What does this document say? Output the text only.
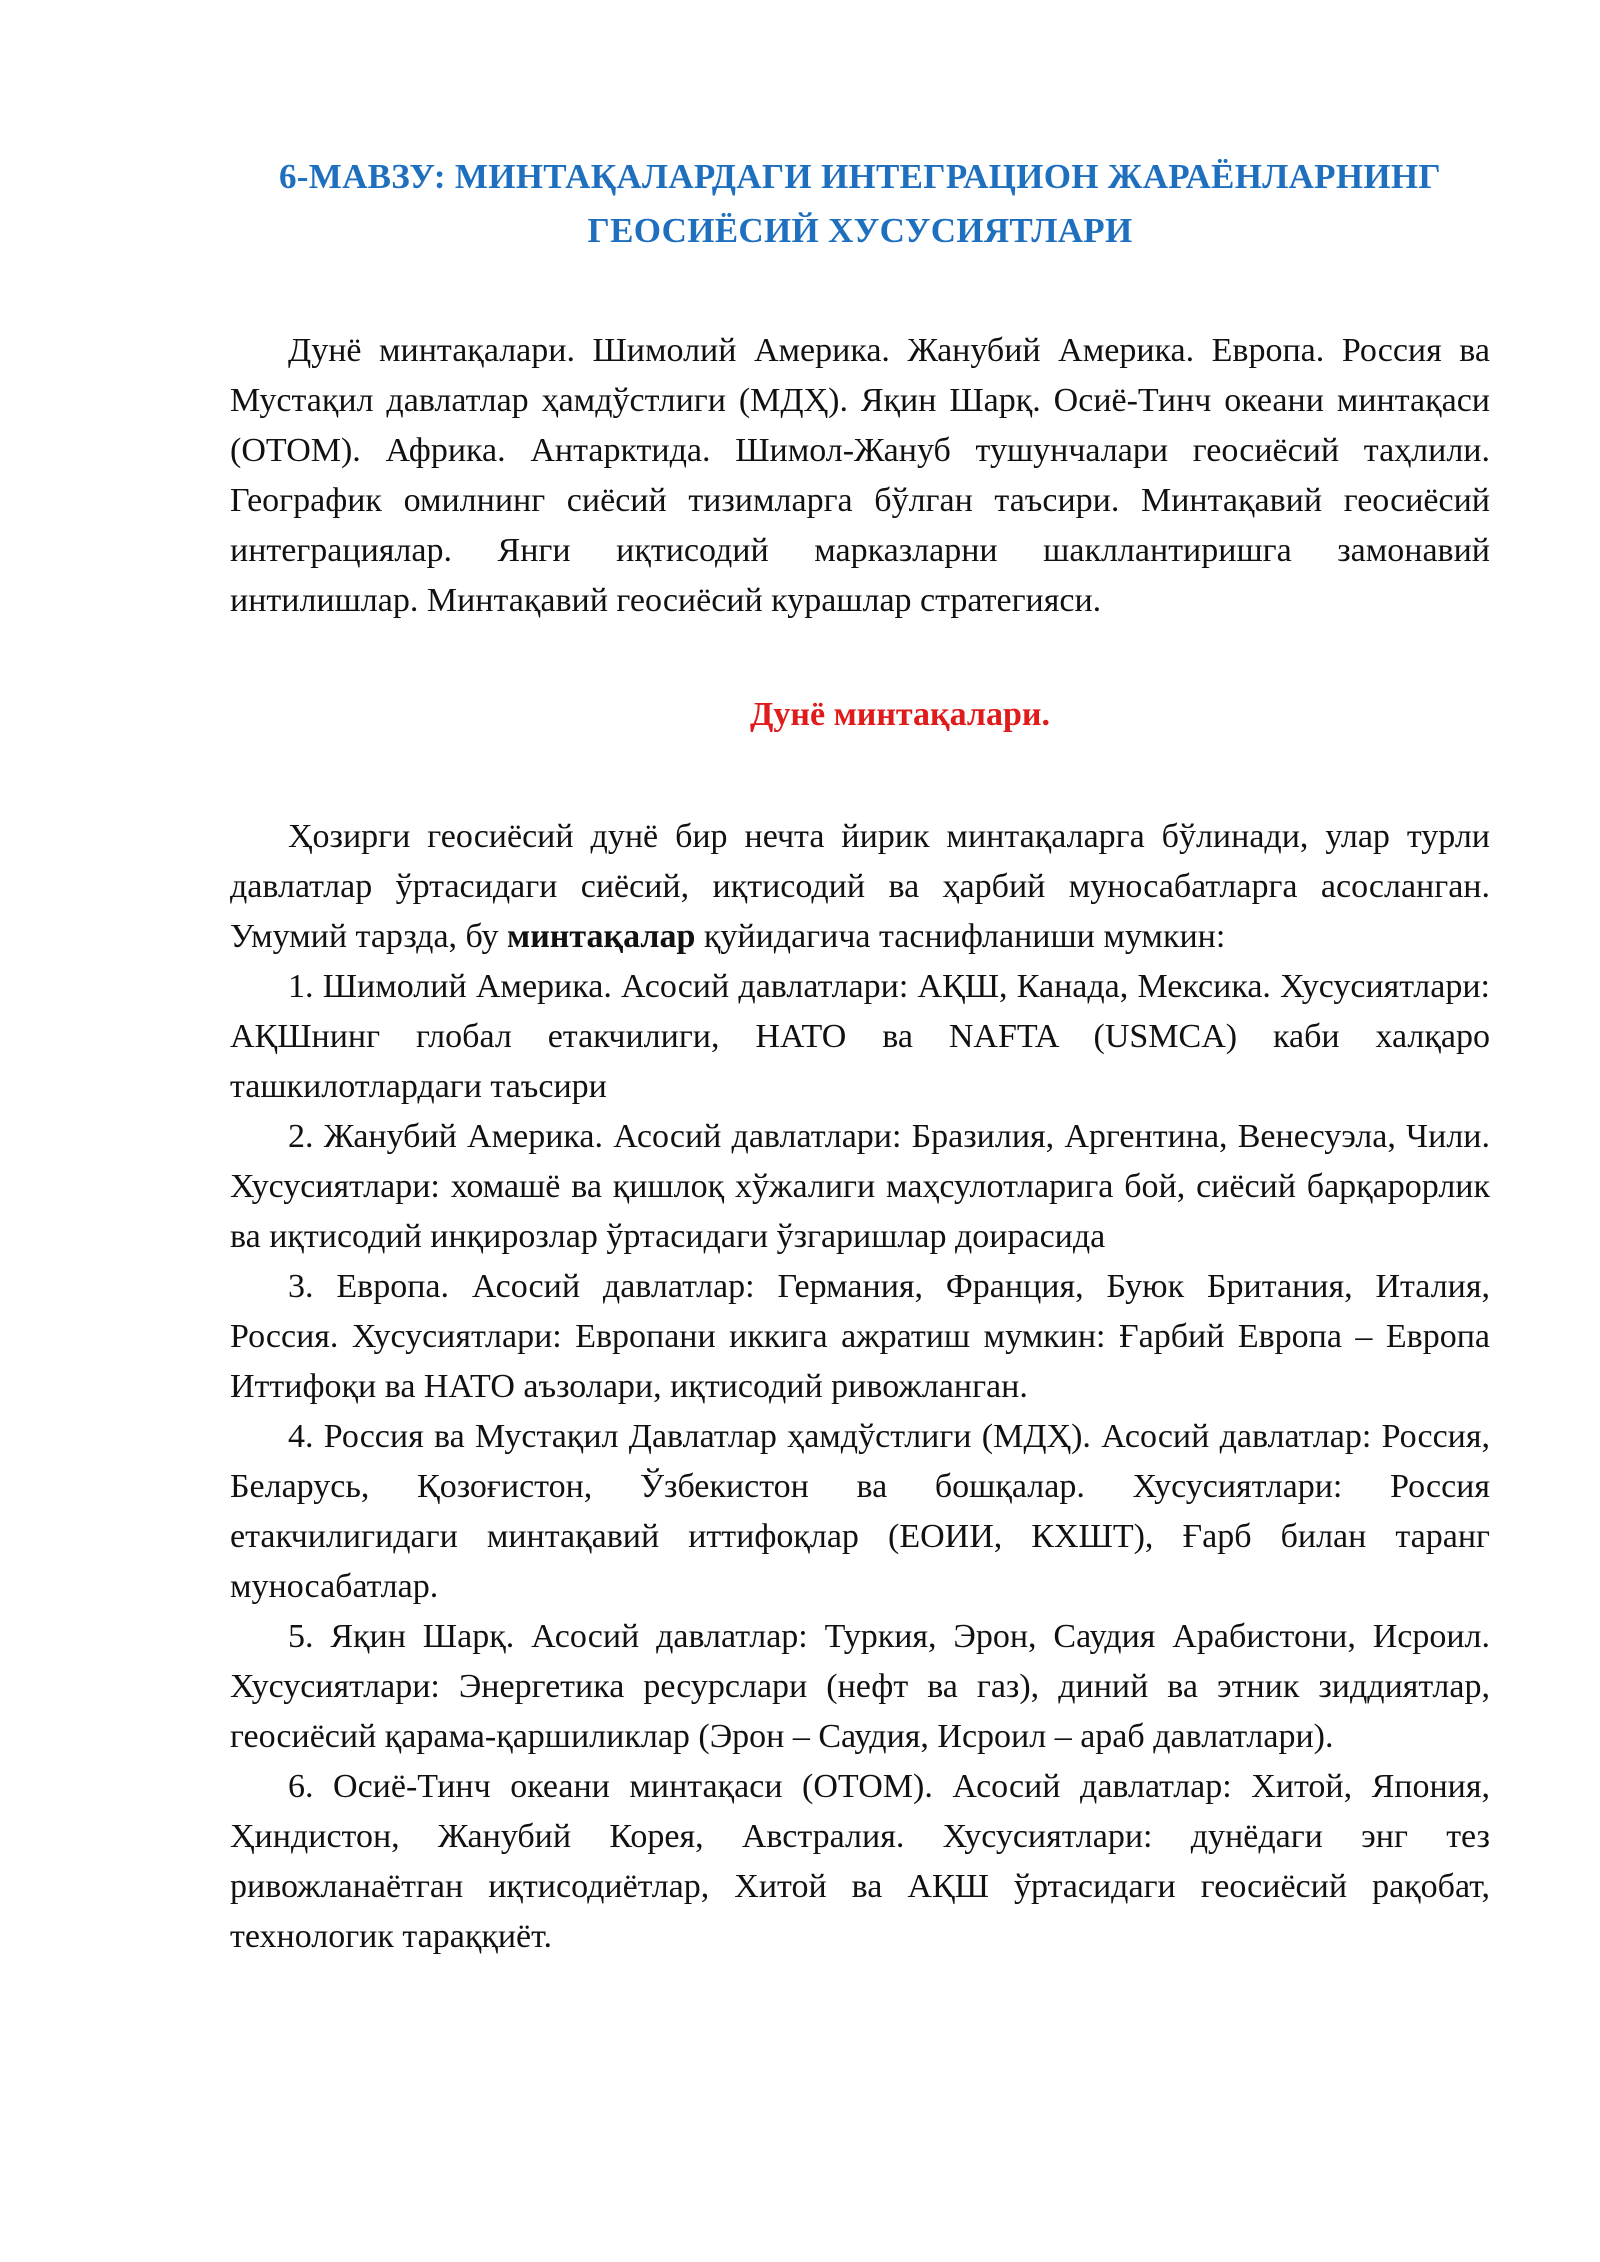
6-МАВЗУ: МИНТАҚАЛАРДАГИ ИНТЕГРАЦИОН ЖАРАЁНЛАРНИНГ
ГЕОСИЁСИЙ ХУСУСИЯТЛАРИ

Дунё минтақалари. Шимолий Америка. Жанубий Америка. Европа. Россия ва Мустақил давлатлар ҳамдўстлиги (МДҲ). Яқин Шарқ. Осиё-Тинч океани минтақаси (ОТОМ). Африка. Антарктида. Шимол-Жануб тушунчалари геосиёсий таҳлили. Географик омилнинг сиёсий тизимларга бўлган таъсири. Минтақавий геосиёсий интеграциялар. Янги иқтисодий марказларни шакллантиришга замонавий интилишлар. Минтақавий геосиёсий курашлар стратегияси.

Дунё минтақалари.

Ҳозирги геосиёсий дунё бир нечта йирик минтақаларга бўлинади, улар турли давлатлар ўртасидаги сиёсий, иқтисодий ва ҳарбий муносабатларга асосланган. Умумий тарзда, бу минтақалар қуйидагича таснифланиши мумкин:

1. Шимолий Америка. Асосий давлатлари: АҚШ, Канада, Мексика. Хусусиятлари: АҚШнинг глобал етакчилиги, НАТО ва NAFTA (USMCA) каби халқаро ташкилотлардаги таъсири

2. Жанубий Америка. Асосий давлатлари: Бразилия, Аргентина, Венесуэла, Чили. Хусусиятлари: хомашё ва қишлоқ хўжалиги маҳсулотларига бой, сиёсий барқарорлик ва иқтисодий инқирозлар ўртасидаги ўзгаришлар доирасида

3. Европа. Асосий давлатлар: Германия, Франция, Буюк Британия, Италия, Россия. Хусусиятлари: Европани иккига ажратиш мумкин: Ғарбий Европа – Европа Иттифоқи ва НАТО аъзолари, иқтисодий ривожланган.

4. Россия ва Мустақил Давлатлар ҳамдўстлиги (МДҲ). Асосий давлатлар: Россия, Беларусь, Қозоғистон, Ўзбекистон ва бошқалар. Хусусиятлари: Россия етакчилигидаги минтақавий иттифоқлар (ЕОИИ, КХШТ), Ғарб билан таранг муносабатлар.

5. Яқин Шарқ. Асосий давлатлар: Туркия, Эрон, Саудия Арабистони, Исроил. Хусусиятлари: Энергетика ресурслари (нефт ва газ), диний ва этник зиддиятлар, геосиёсий қарама-қаршиликлар (Эрон – Саудия, Исроил – араб давлатлари).

6. Осиё-Тинч океани минтақаси (ОТОМ). Асосий давлатлар: Хитой, Япония, Ҳиндистон, Жанубий Корея, Австралия. Хусусиятлари: дунёдаги энг тез ривожланаётган иқтисодиётлар, Хитой ва АҚШ ўртасидаги геосиёсий рақобат, технологик тараққиёт.
